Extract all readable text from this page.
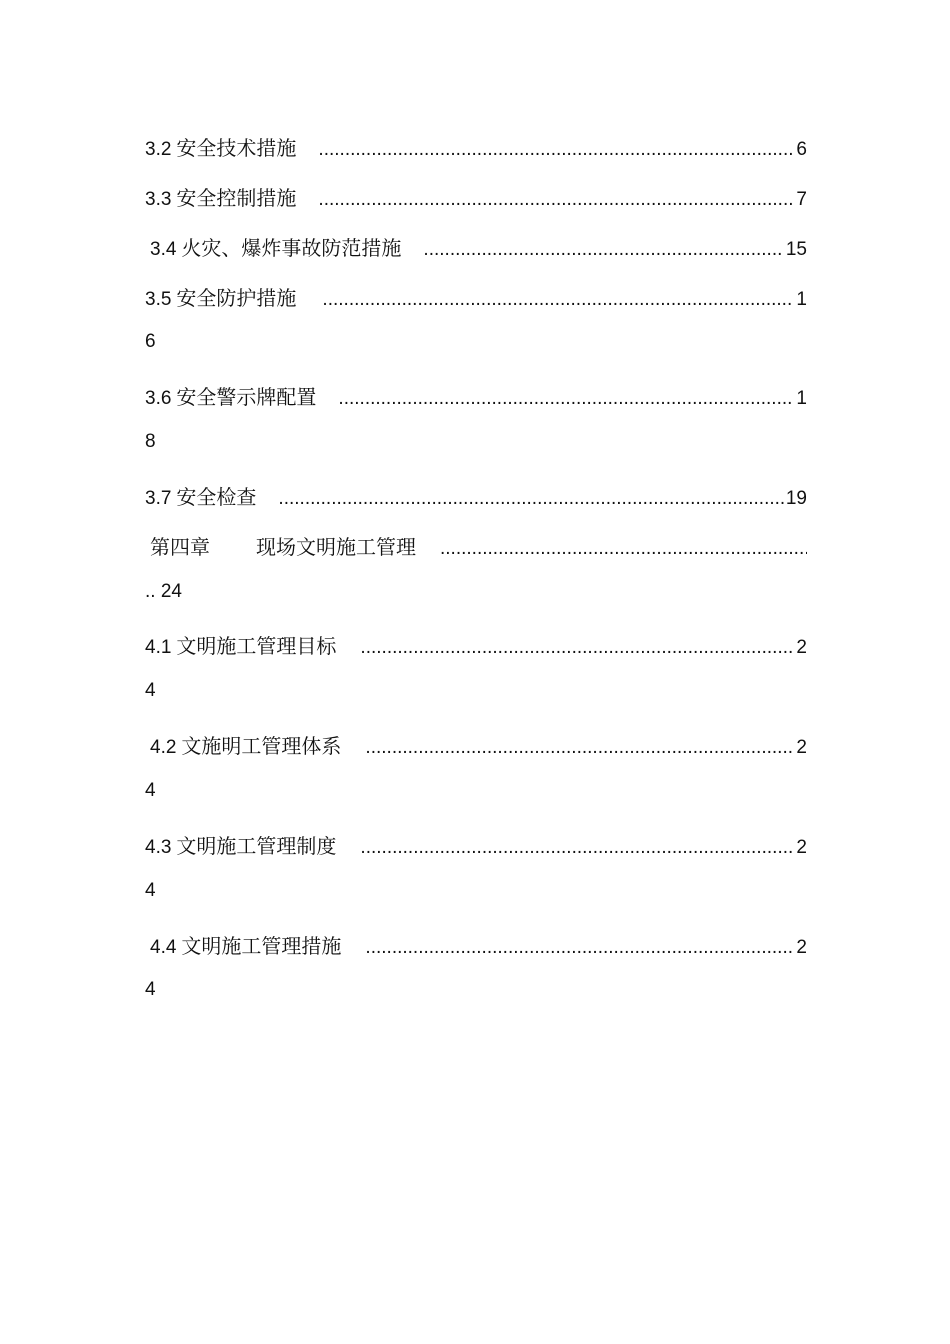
3.2 安全技术措施 .....	6
3.3 安全控制措施 .....	7
3.4 火灾、爆炸事故防范措施 .....	15
3.5 安全防护措施 .....	1
6
3.6 安全警示牌配置 .....	1
8
3.7 安全检查 .....	19
第四章 现场文明施工管理
.....
.. 24
4.1 文明施工管理目标 .....	2
4
4.2 文施明工管理体系 .....	2
4
4.3 文明施工管理制度 .....	2
4
4.4 文明施工管理措施 .....	2
4
